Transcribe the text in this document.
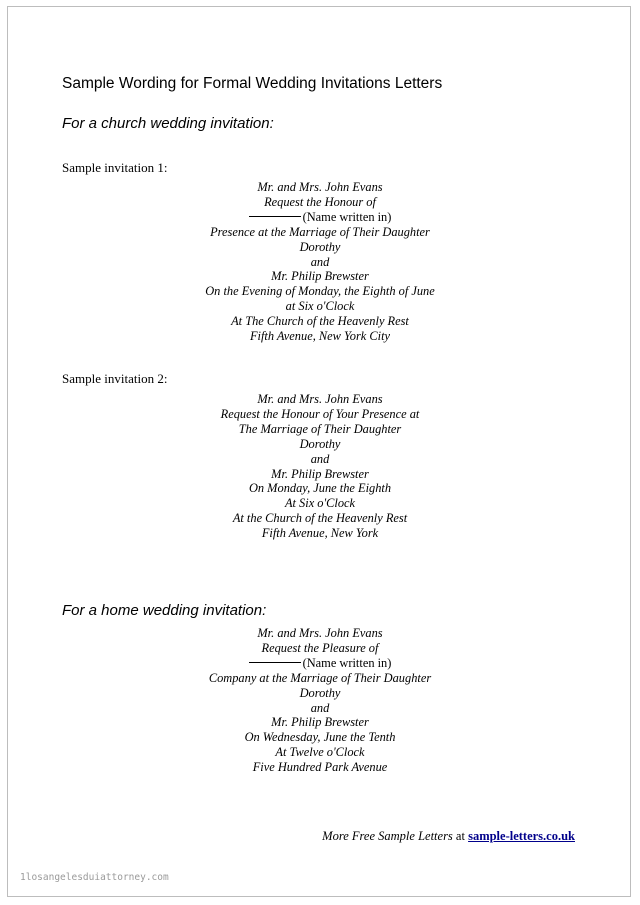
Sample Wording for Formal Wedding Invitations Letters
For a church wedding invitation:
Sample invitation 1:
Mr. and Mrs. John Evans
Request the Honour of
(Name written in)
Presence at the Marriage of Their Daughter
Dorothy
and
Mr. Philip Brewster
On the Evening of Monday, the Eighth of June
at Six o'Clock
At The Church of the Heavenly Rest
Fifth Avenue, New York City
Sample invitation 2:
Mr. and Mrs. John Evans
Request the Honour of Your Presence at
The Marriage of Their Daughter
Dorothy
and
Mr. Philip Brewster
On Monday, June the Eighth
At Six o'Clock
At the Church of the Heavenly Rest
Fifth Avenue, New York
For a home wedding invitation:
Mr. and Mrs. John Evans
Request the Pleasure of
(Name written in)
Company at the Marriage of Their Daughter
Dorothy
and
Mr. Philip Brewster
On Wednesday, June the Tenth
At Twelve o'Clock
Five Hundred Park Avenue
More Free Sample Letters at sample-letters.co.uk
1losangelesduiattorney.com
